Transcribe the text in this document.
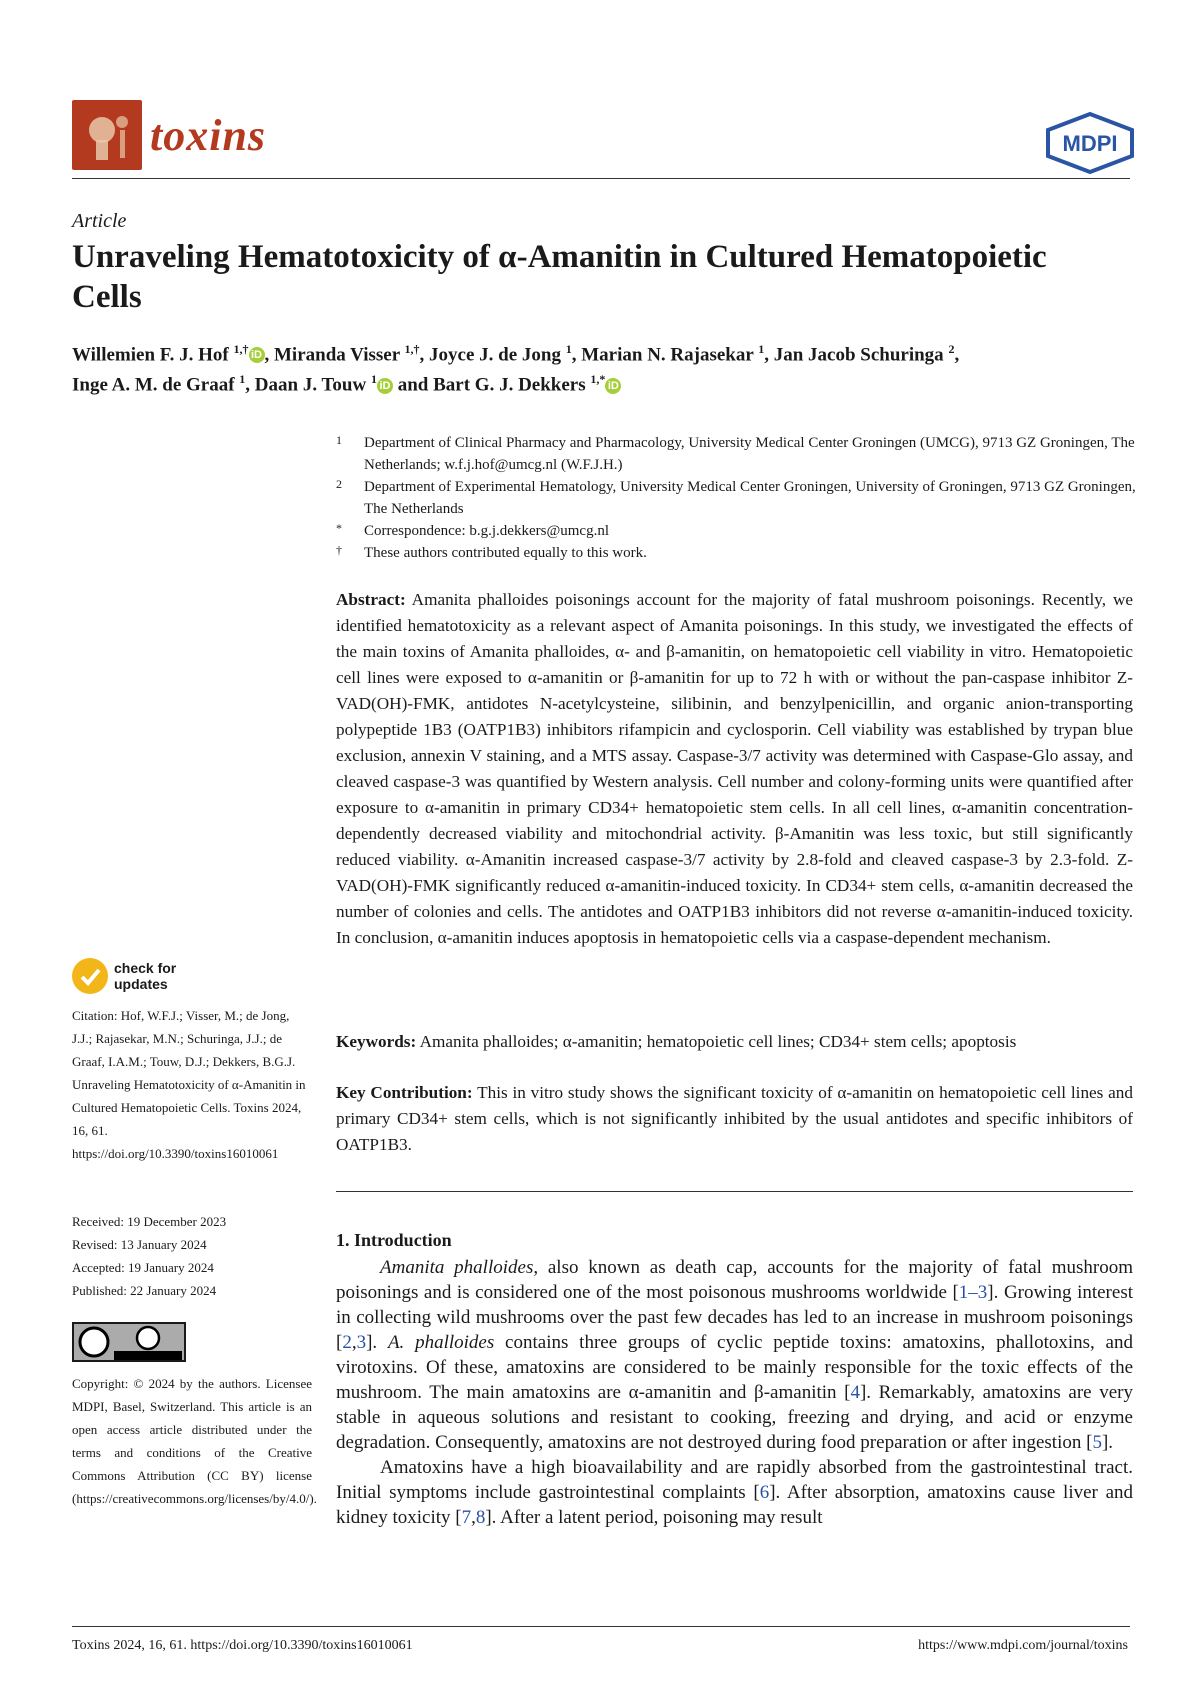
toxins	MDPI
Article
Unraveling Hematotoxicity of α-Amanitin in Cultured Hematopoietic Cells
Willemien F. J. Hof $^{1,\dagger}$ iD , Miranda Visser $^{1,\dagger}$, Joyce J. de Jong $^1$, Marian N. Rajasekar $^1$, Jan Jacob Schuringa $^2$,
Inge A. M. de Graaf $^1$, Daan J. Touw $^1$ iD and Bart G. J. Dekkers $^{1,*}$ iD
1 Department of Clinical Pharmacy and Pharmacology, University Medical Center Groningen (UMCG), 9713 GZ Groningen, The Netherlands; w.f.j.hof@umcg.nl (W.F.J.H.)
2 Department of Experimental Hematology, University Medical Center Groningen, University of Groningen, 9713 GZ Groningen, The Netherlands
* Correspondence: b.g.j.dekkers@umcg.nl
† These authors contributed equally to this work.
Abstract: Amanita phalloides poisonings account for the majority of fatal mushroom poisonings. Recently, we identified hematotoxicity as a relevant aspect of Amanita poisonings. In this study, we investigated the effects of the main toxins of Amanita phalloides, α- and β-amanitin, on hematopoietic cell viability in vitro. Hematopoietic cell lines were exposed to α-amanitin or β-amanitin for up to 72 h with or without the pan-caspase inhibitor Z-VAD(OH)-FMK, antidotes N-acetylcysteine, silibinin, and benzylpenicillin, and organic anion-transporting polypeptide 1B3 (OATP1B3) inhibitors rifampicin and cyclosporin. Cell viability was established by trypan blue exclusion, annexin V staining, and a MTS assay. Caspase-3/7 activity was determined with Caspase-Glo assay, and cleaved caspase-3 was quantified by Western analysis. Cell number and colony-forming units were quantified after exposure to α-amanitin in primary CD34+ hematopoietic stem cells. In all cell lines, α-amanitin concentration-dependently decreased viability and mitochondrial activity. β-Amanitin was less toxic, but still significantly reduced viability. α-Amanitin increased caspase-3/7 activity by 2.8-fold and cleaved caspase-3 by 2.3-fold. Z-VAD(OH)-FMK significantly reduced α-amanitin-induced toxicity. In CD34+ stem cells, α-amanitin decreased the number of colonies and cells. The antidotes and OATP1B3 inhibitors did not reverse α-amanitin-induced toxicity. In conclusion, α-amanitin induces apoptosis in hematopoietic cells via a caspase-dependent mechanism.
Keywords: Amanita phalloides; α-amanitin; hematopoietic cell lines; CD34+ stem cells; apoptosis
Key Contribution: This in vitro study shows the significant toxicity of α-amanitin on hematopoietic cell lines and primary CD34+ stem cells, which is not significantly inhibited by the usual antidotes and specific inhibitors of OATP1B3.
1. Introduction

Amanita phalloides, also known as death cap, accounts for the majority of fatal mushroom poisonings and is considered one of the most poisonous mushrooms worldwide [1–3]. Growing interest in collecting wild mushrooms over the past few decades has led to an increase in mushroom poisonings [2,3]. A. phalloides contains three groups of cyclic peptide toxins: amatoxins, phallotoxins, and virotoxins. Of these, amatoxins are considered to be mainly responsible for the toxic effects of the mushroom. The main amatoxins are α-amanitin and β-amanitin [4]. Remarkably, amatoxins are very stable in aqueous solutions and resistant to cooking, freezing and drying, and acid or enzyme degradation. Consequently, amatoxins are not destroyed during food preparation or after ingestion [5].

Amatoxins have a high bioavailability and are rapidly absorbed from the gastrointestinal tract. Initial symptoms include gastrointestinal complaints [6]. After absorption, amatoxins cause liver and kidney toxicity [7,8]. After a latent period, poisoning may result

check for updates
Citation: Hof, W.F.J.; Visser, M.; de Jong, J.J.; Rajasekar, M.N.; Schuringa, J.J.; de Graaf, I.A.M.; Touw, D.J.; Dekkers, B.G.J. Unraveling Hematotoxicity of α-Amanitin in Cultured Hematopoietic Cells. Toxins 2024, 16, 61. https://doi.org/10.3390/toxins16010061
Received: 19 December 2023
Revised: 13 January 2024
Accepted: 19 January 2024
Published: 22 January 2024
Copyright: © 2024 by the authors. Licensee MDPI, Basel, Switzerland. This article is an open access article distributed under the terms and conditions of the Creative Commons Attribution (CC BY) license (https://creativecommons.org/licenses/by/4.0/).
Toxins 2024, 16, 61. https://doi.org/10.3390/toxins16010061	https://www.mdpi.com/journal/toxins
